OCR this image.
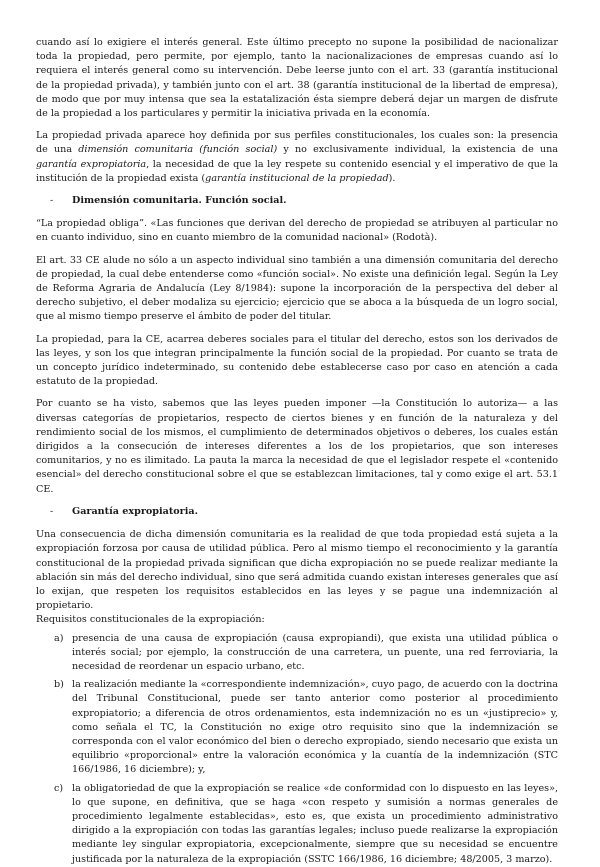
cuando así lo exigiere el interés general. Este último precepto no supone la posibilidad de nacionalizar toda la propiedad, pero permite, por ejemplo, tanto la nacionalizaciones de empresas cuando así lo requiera el interés general como su intervención. Debe leerse junto con el art. 33 (garantía institucional de la propiedad privada), y también junto con el art. 38 (garantía institucional de la libertad de empresa), de modo que por muy intensa que sea la estatalización ésta siempre deberá dejar un margen de disfrute de la propiedad a los particulares y permitir la iniciativa privada en la economía.

La propiedad privada aparece hoy definida por sus perfiles constitucionales, los cuales son: la presencia de una dimensión comunitaria (función social) y no exclusivamente individual, la existencia de una garantía expropiatoria, la necesidad de que la ley respete su contenido esencial y el imperativo de que la institución de la propiedad exista (garantía institucional de la propiedad).

-	Dimensión comunitaria. Función social.

“La propiedad obliga”. «Las funciones que derivan del derecho de propiedad se atribuyen al particular no en cuanto individuo, sino en cuanto miembro de la comunidad nacional» (Rodotà).

El art. 33 CE alude no sólo a un aspecto individual sino también a una dimensión comunitaria del derecho de propiedad, la cual debe entenderse como «función social». No existe una definición legal. Según la Ley de Reforma Agraria de Andalucía (Ley 8/1984): supone la incorporación de la perspectiva del deber al derecho subjetivo, el deber modaliza su ejercicio; ejercicio que se aboca a la búsqueda de un logro social, que al mismo tiempo preserve el ámbito de poder del titular.

La propiedad, para la CE, acarrea deberes sociales para el titular del derecho, estos son los derivados de las leyes, y son los que integran principalmente la función social de la propiedad. Por cuanto se trata de un concepto jurídico indeterminado, su contenido debe establecerse caso por caso en atención a cada estatuto de la propiedad.

Por cuanto se ha visto, sabemos que las leyes pueden imponer —la Constitución lo autoriza— a las diversas categorías de propietarios, respecto de ciertos bienes y en función de la naturaleza y del rendimiento social de los mismos, el cumplimiento de determinados objetivos o deberes, los cuales están dirigidos a la consecución de intereses diferentes a los de los propietarios, que son intereses comunitarios, y no es ilimitado. La pauta la marca la necesidad de que el legislador respete el «contenido esencial» del derecho constitucional sobre el que se establezcan limitaciones, tal y como exige el art. 53.1 CE.

-	Garantía expropiatoria.

Una consecuencia de dicha dimensión comunitaria es la realidad de que toda propiedad está sujeta a la expropiación forzosa por causa de utilidad pública. Pero al mismo tiempo el reconocimiento y la garantía constitucional de la propiedad privada significan que dicha expropiación no se puede realizar mediante la ablación sin más del derecho individual, sino que será admitida cuando existan intereses generales que así lo exijan, que respeten los requisitos establecidos en las leyes y se pague una indemnización al propietario.

Requisitos constitucionales de la expropiación:

a) presencia de una causa de expropiación (causa expropiandi), que exista una utilidad pública o interés social; por ejemplo, la construcción de una carretera, un puente, una red ferroviaria, la necesidad de reordenar un espacio urbano, etc.
b) la realización mediante la «correspondiente indemnización», cuyo pago, de acuerdo con la doctrina del Tribunal Constitucional, puede ser tanto anterior como posterior al procedimiento expropiatorio; a diferencia de otros ordenamientos, esta indemnización no es un «justiprecio» y, como señala el TC, la Constitución no exige otro requisito sino que la indemnización se corresponda con el valor económico del bien o derecho expropiado, siendo necesario que exista un equilibrio «proporcional» entre la valoración económica y la cuantía de la indemnización (STC 166/1986, 16 diciembre); y,
c) la obligatoriedad de que la expropiación se realice «de conformidad con lo dispuesto en las leyes», lo que supone, en definitiva, que se haga «con respeto y sumisión a normas generales de procedimiento legalmente establecidas», esto es, que exista un procedimiento administrativo dirigido a la expropiación con todas las garantías legales; incluso puede realizarse la expropiación mediante ley singular expropiatoria, excepcionalmente, siempre que su necesidad se encuentre justificada por la naturaleza de la expropiación (SSTC 166/1986, 16 diciembre; 48/2005, 3 marzo).
